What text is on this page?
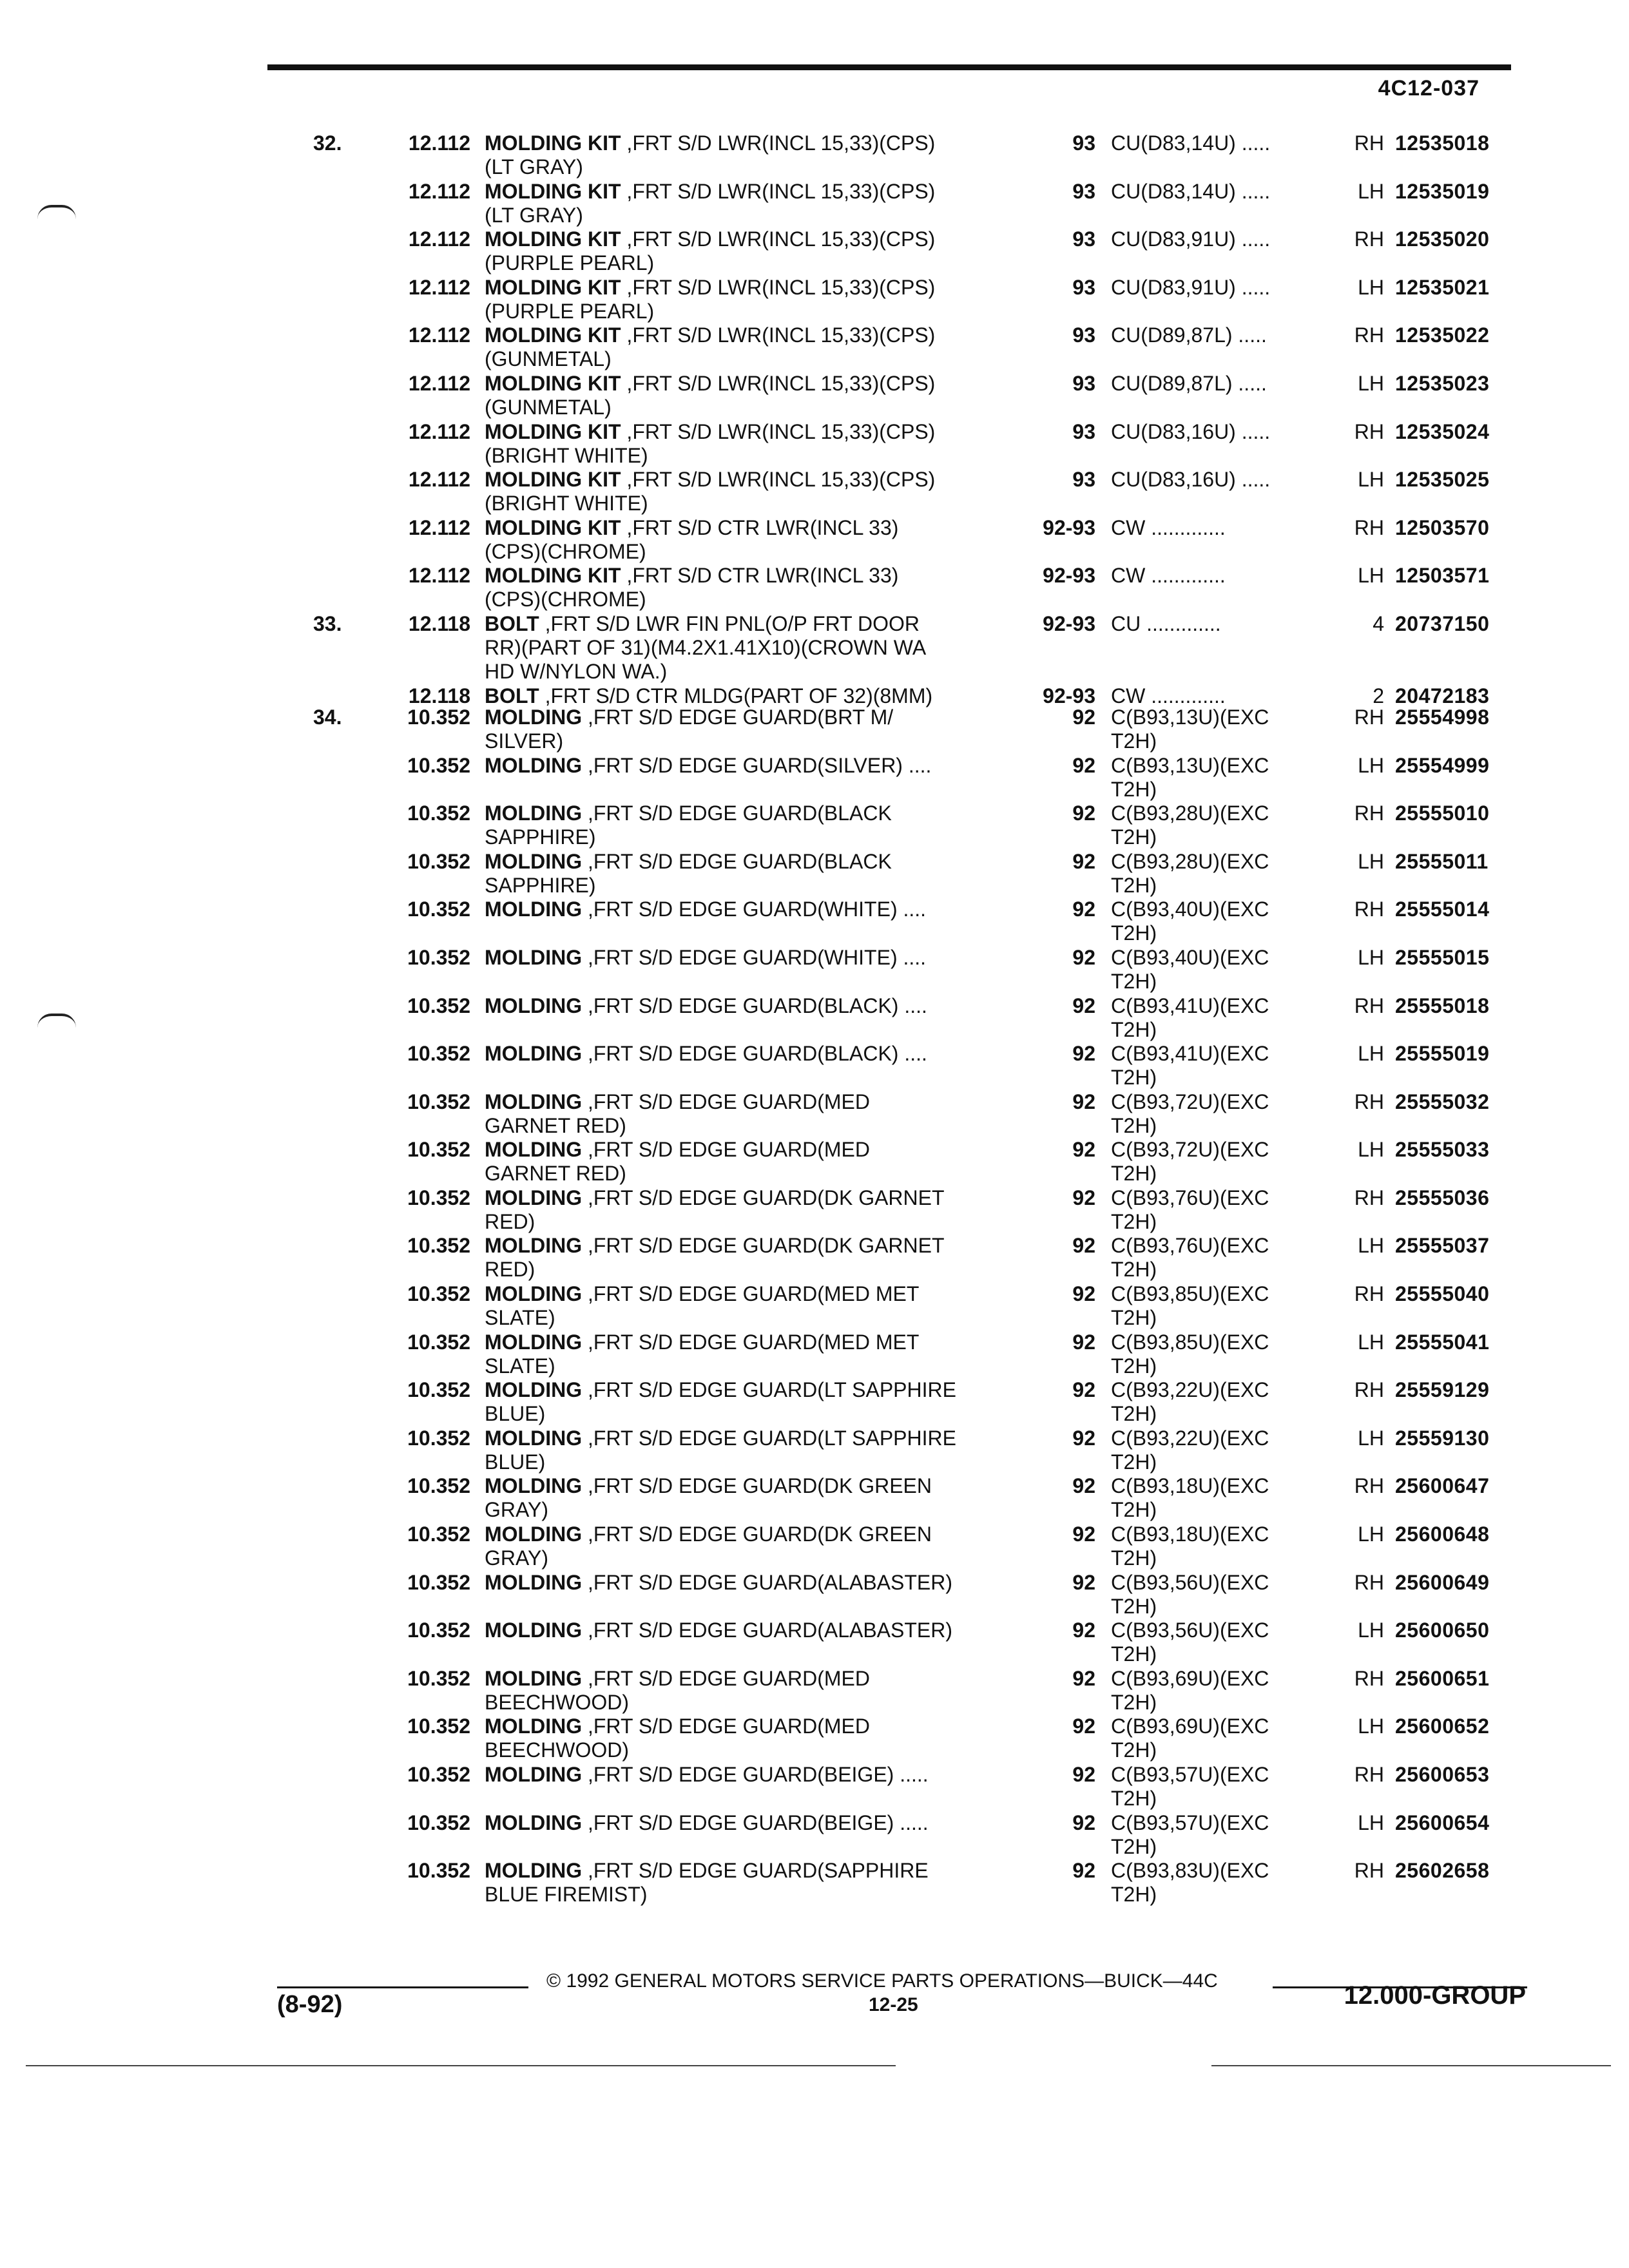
4C12-037
32.	12.112 MOLDING KIT ,FRT S/D LWR(INCL 15,33)(CPS)
(LT GRAY)
93 CU(D83,14U) .....	RH 12535018
12.112 MOLDING KIT ,FRT S/D LWR(INCL 15,33)(CPS)
(LT GRAY)
93 CU(D83,14U) .....	LH 12535019
12.112 MOLDING KIT ,FRT S/D LWR(INCL 15,33)(CPS)
(PURPLE PEARL)
93 CU(D83,91U) .....	RH 12535020
12.112 MOLDING KIT ,FRT S/D LWR(INCL 15,33)(CPS)
(PURPLE PEARL)
93 CU(D83,91U) .....	LH 12535021
12.112 MOLDING KIT ,FRT S/D LWR(INCL 15,33)(CPS)
(GUNMETAL)
93 CU(D89,87L) .....	RH 12535022
12.112 MOLDING KIT ,FRT S/D LWR(INCL 15,33)(CPS)
(GUNMETAL)
93 CU(D89,87L) .....	LH 12535023
12.112 MOLDING KIT ,FRT S/D LWR(INCL 15,33)(CPS)
(BRIGHT WHITE)
93 CU(D83,16U) .....	RH 12535024
12.112 MOLDING KIT ,FRT S/D LWR(INCL 15,33)(CPS)
(BRIGHT WHITE)
93 CU(D83,16U) .....	LH 12535025
12.112 MOLDING KIT ,FRT S/D CTR LWR(INCL 33)
(CPS)(CHROME)
92-93 CW .............	RH 12503570
12.112 MOLDING KIT ,FRT S/D CTR LWR(INCL 33)
(CPS)(CHROME)
92-93 CW .............	LH 12503571
33.	12.118 BOLT ,FRT S/D LWR FIN PNL(O/P FRT DOOR
RR)(PART OF 31)(M4.2X1.41X10)(CROWN WA
HD W/NYLON WA.)
92-93 CU .............	4 20737150
12.118 BOLT ,FRT S/D CTR MLDG(PART OF 32)(8MM)	92-93 CW .............	2 20472183
34.	10.352 MOLDING ,FRT S/D EDGE GUARD(BRT M/
SILVER)
92 C(B93,13U)(EXC
T2H)
RH 25554998
10.352 MOLDING ,FRT S/D EDGE GUARD(SILVER) ....	92 C(B93,13U)(EXC
T2H)
LH 25554999
10.352 MOLDING ,FRT S/D EDGE GUARD(BLACK
SAPPHIRE)
92 C(B93,28U)(EXC
T2H)
RH 25555010
10.352 MOLDING ,FRT S/D EDGE GUARD(BLACK
SAPPHIRE)
92 C(B93,28U)(EXC
T2H)
LH 25555011
10.352 MOLDING ,FRT S/D EDGE GUARD(WHITE) ....	92 C(B93,40U)(EXC
T2H)
RH 25555014
10.352 MOLDING ,FRT S/D EDGE GUARD(WHITE) ....	92 C(B93,40U)(EXC
T2H)
LH 25555015
10.352 MOLDING ,FRT S/D EDGE GUARD(BLACK) ....	92 C(B93,41U)(EXC
T2H)
RH 25555018
10.352 MOLDING ,FRT S/D EDGE GUARD(BLACK) ....	92 C(B93,41U)(EXC
T2H)
LH 25555019
10.352 MOLDING ,FRT S/D EDGE GUARD(MED
GARNET RED)
92 C(B93,72U)(EXC
T2H)
RH 25555032
10.352 MOLDING ,FRT S/D EDGE GUARD(MED
GARNET RED)
92 C(B93,72U)(EXC
T2H)
LH 25555033
10.352 MOLDING ,FRT S/D EDGE GUARD(DK GARNET
RED)
92 C(B93,76U)(EXC
T2H)
RH 25555036
10.352 MOLDING ,FRT S/D EDGE GUARD(DK GARNET
RED)
92 C(B93,76U)(EXC
T2H)
LH 25555037
10.352 MOLDING ,FRT S/D EDGE GUARD(MED MET
SLATE)
92 C(B93,85U)(EXC
T2H)
RH 25555040
10.352 MOLDING ,FRT S/D EDGE GUARD(MED MET
SLATE)
92 C(B93,85U)(EXC
T2H)
LH 25555041
10.352 MOLDING ,FRT S/D EDGE GUARD(LT SAPPHIRE
BLUE)
92 C(B93,22U)(EXC
T2H)
RH 25559129
10.352 MOLDING ,FRT S/D EDGE GUARD(LT SAPPHIRE
BLUE)
92 C(B93,22U)(EXC
T2H)
LH 25559130
10.352 MOLDING ,FRT S/D EDGE GUARD(DK GREEN
GRAY)
92 C(B93,18U)(EXC
T2H)
RH 25600647
10.352 MOLDING ,FRT S/D EDGE GUARD(DK GREEN
GRAY)
92 C(B93,18U)(EXC
T2H)
LH 25600648
10.352 MOLDING ,FRT S/D EDGE GUARD(ALABASTER)	92 C(B93,56U)(EXC
T2H)
RH 25600649
10.352 MOLDING ,FRT S/D EDGE GUARD(ALABASTER)	92 C(B93,56U)(EXC
T2H)
LH 25600650
10.352 MOLDING ,FRT S/D EDGE GUARD(MED
BEECHWOOD)
92 C(B93,69U)(EXC
T2H)
RH 25600651
10.352 MOLDING ,FRT S/D EDGE GUARD(MED
BEECHWOOD)
92 C(B93,69U)(EXC
T2H)
LH 25600652
10.352 MOLDING ,FRT S/D EDGE GUARD(BEIGE) .....	92 C(B93,57U)(EXC
T2H)
RH 25600653
10.352 MOLDING ,FRT S/D EDGE GUARD(BEIGE) .....	92 C(B93,57U)(EXC
T2H)
LH 25600654
10.352 MOLDING ,FRT S/D EDGE GUARD(SAPPHIRE
BLUE FIREMIST)
92 C(B93,83U)(EXC
T2H)
RH 25602658
© 1992 GENERAL MOTORS SERVICE PARTS OPERATIONS—BUICK—44C
12-25
(8-92)	12.000-GROUP
